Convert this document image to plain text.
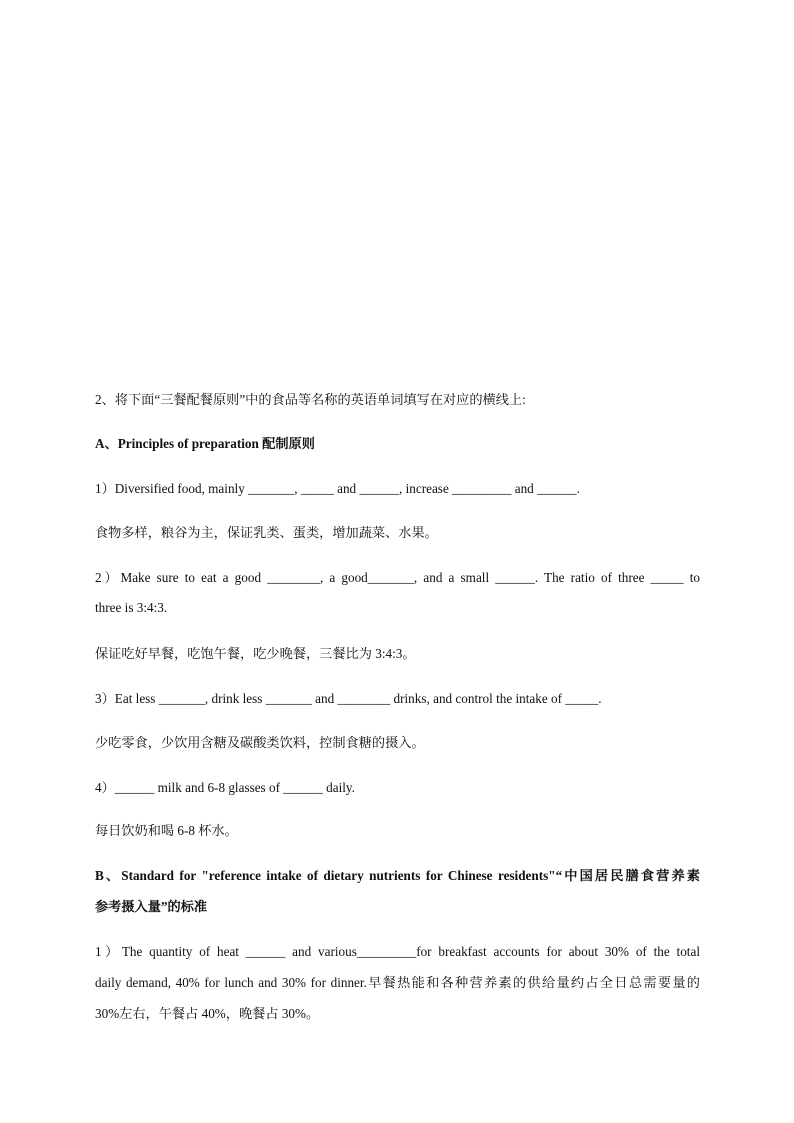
2、将下面“三餐配餐原则”中的食品等名称的英语单词填写在对应的横线上:
A、Principles of preparation 配制原则
1）Diversified food, mainly _______, _____ and ______, increase _________ and ______.
食物多样，粮谷为主，保证乳类、蛋类，增加蔬菜、水果。
2）Make sure to eat a good ________, a good_______, and a small ______. The ratio of three _____ to
three is 3:4:3.
保证吃好早餐，吃饱午餐，吃少晚餐，三餐比为 3:4:3。
3）Eat less _______, drink less _______ and ________ drinks, and control the intake of _____.
少吃零食，少饮用含糖及碳酸类饮料，控制食糖的摄入。
4）______ milk and 6-8 glasses of ______ daily.
每日饮奶和喝 6-8 杯水。
B、Standard for "reference intake of dietary nutrients for Chinese residents"“中国居民膳食营养素
参考摄入量”的标准
1）The quantity of heat ______ and various_________for breakfast accounts for about 30% of the total
daily demand, 40% for lunch and 30% for dinner.早餐热能和各种营养素的供给量约占全日总需要量的
30%左右，午餐占 40%，晚餐占 30%。
